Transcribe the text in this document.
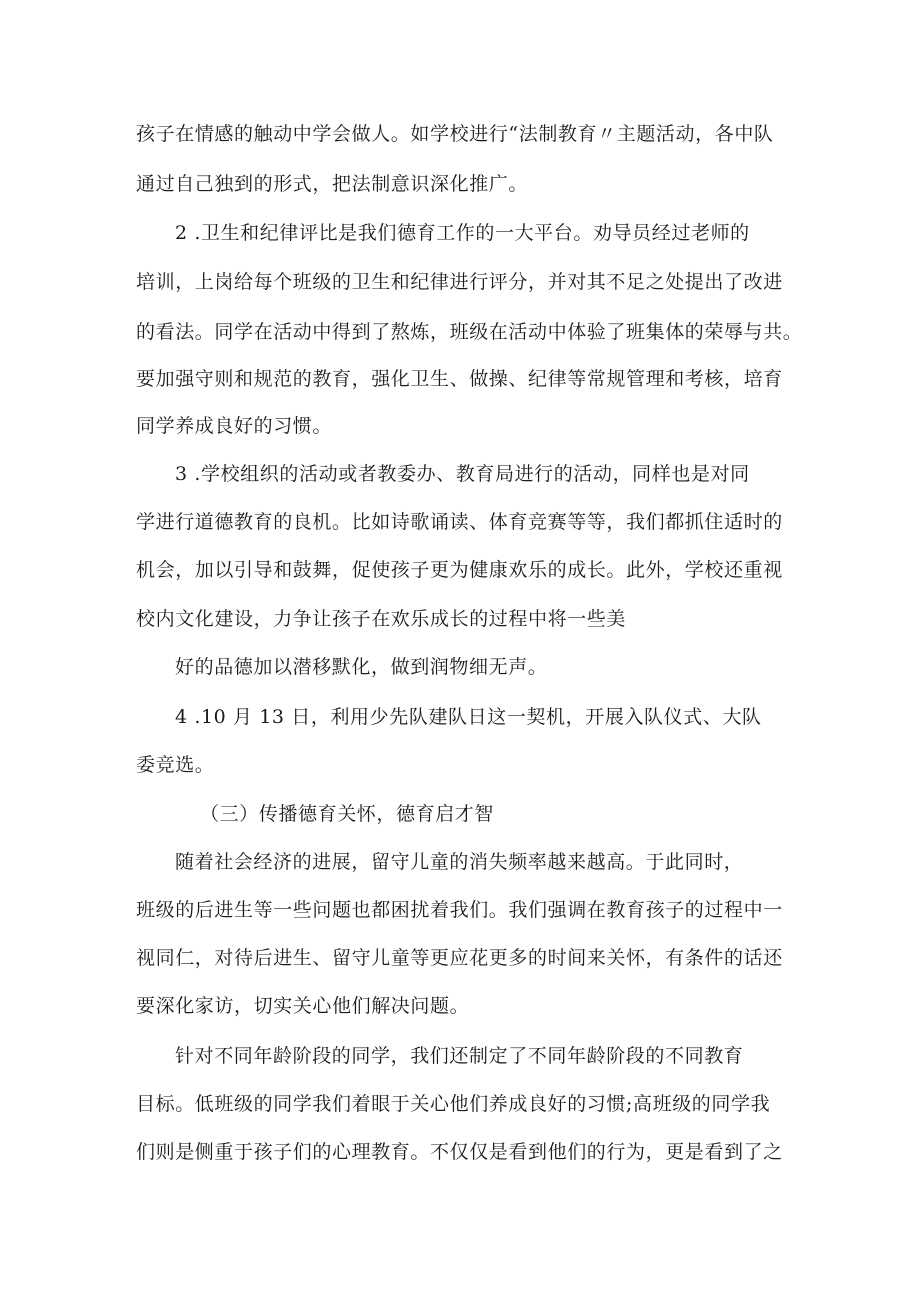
孩子在情感的触动中学会做人。如学校进行“法制教育〃主题活动，各中队
通过自己独到的形式，把法制意识深化推广。
2 .卫生和纪律评比是我们德育工作的一大平台。劝导员经过老师的
培训，上岗给每个班级的卫生和纪律进行评分，并对其不足之处提出了改进
的看法。同学在活动中得到了熬炼，班级在活动中体验了班集体的荣辱与共。
要加强守则和规范的教育，强化卫生、做操、纪律等常规管理和考核，培育
同学养成良好的习惯。
3 .学校组织的活动或者教委办、教育局进行的活动，同样也是对同
学进行道德教育的良机。比如诗歌诵读、体育竞赛等等，我们都抓住适时的
机会，加以引导和鼓舞，促使孩子更为健康欢乐的成长。此外，学校还重视
校内文化建设，力争让孩子在欢乐成长的过程中将一些美
好的品德加以潜移默化，做到润物细无声。
4 .10 月 13 日，利用少先队建队日这一契机，开展入队仪式、大队
委竞选。
（三）传播德育关怀，德育启才智
随着社会经济的进展，留守儿童的消失频率越来越高。于此同时，
班级的后进生等一些问题也都困扰着我们。我们强调在教育孩子的过程中一
视同仁，对待后进生、留守儿童等更应花更多的时间来关怀，有条件的话还
要深化家访，切实关心他们解决问题。
针对不同年龄阶段的同学，我们还制定了不同年龄阶段的不同教育
目标。低班级的同学我们着眼于关心他们养成良好的习惯;高班级的同学我
们则是侧重于孩子们的心理教育。不仅仅是看到他们的行为，更是看到了之
